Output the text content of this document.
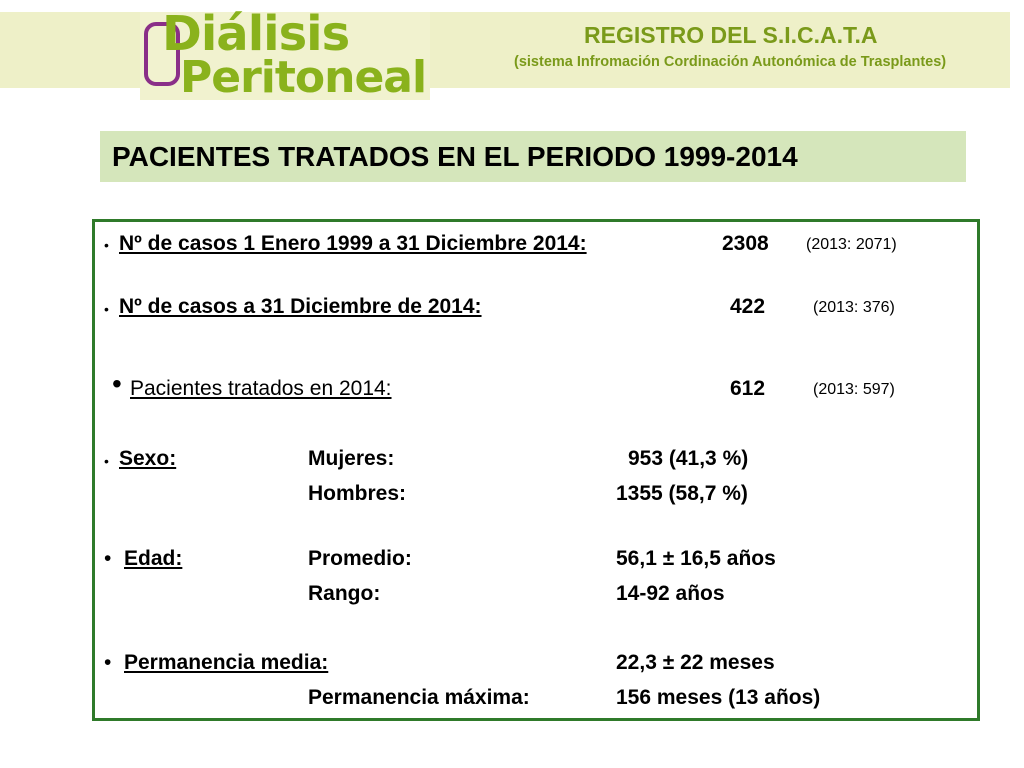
Diálisis
Peritoneal
REGISTRO DEL S.I.C.A.T.A
(sistema Infromación Cordinación Autonómica de Trasplantes)
PACIENTES TRATADOS EN EL PERIODO 1999-2014
• Nº de casos 1 Enero 1999 a 31 Diciembre 2014:	2308 (2013: 2071)
• Nº de casos a 31 Diciembre de 2014:	422	(2013: 376)
• Pacientes tratados en 2014:	612	(2013: 597)
• Sexo:	Mujeres:	953 (41,3 %)
Hombres:	1355 (58,7 %)
• Edad:	Promedio:	56,1 ± 16,5 años
Rango:	14-92 años
• Permanencia media:	22,3 ± 22 meses
Permanencia máxima:	156 meses (13 años)
